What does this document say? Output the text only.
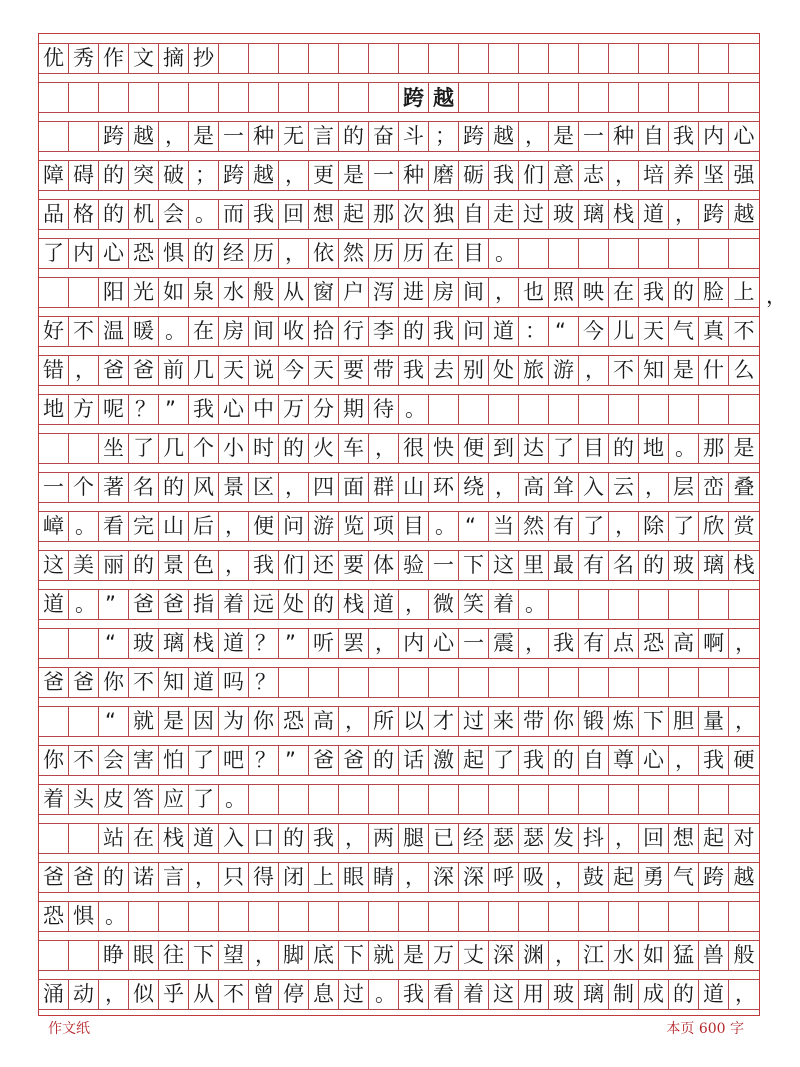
优 秀 作 文 摘 抄
跨 越
跨 越 ， 是 一 种 无 言 的 奋 斗 ； 跨 越 ， 是 一 种 自 我 内 心
障 碍 的 突 破 ； 跨 越 ， 更 是 一 种 磨 砺 我 们 意 志 ， 培 养 坚 强
品 格 的 机 会 。 而 我 回 想 起 那 次 独 自 走 过 玻 璃 栈 道 ， 跨 越
了 内 心 恐 惧 的 经 历 ， 依 然 历 历 在 目 。
阳 光 如 泉 水 般 从 窗 户 泻 进 房 间 ， 也 照 映 在 我 的 脸 上
好 不 温 暖 。 在 房 间 收 拾 行 李 的 我 问 道 ： “ 今 儿 天 气 真 不
错 ， 爸 爸 前 几 天 说 今 天 要 带 我 去 别 处 旅 游 ， 不 知 是 什 么
地 方 呢 ？ ” 我 心 中 万 分 期 待 。
坐 了 几 个 小 时 的 火 车 ， 很 快 便 到 达 了 目 的 地 。 那 是
一 个 著 名 的 风 景 区 ， 四 面 群 山 环 绕 ， 高 耸 入 云 ， 层 峦 叠
嶂 。 看 完 山 后 ， 便 问 游 览 项 目 。 “ 当 然 有 了 ， 除 了 欣 赏
这 美 丽 的 景 色 ， 我 们 还 要 体 验 一 下 这 里 最 有 名 的 玻 璃 栈
道 。 ” 爸 爸 指 着 远 处 的 栈 道 ， 微 笑 着 。
“ 玻 璃 栈 道 ？ ” 听 罢 ， 内 心 一 震 ， 我 有 点 恐 高 啊 ，
爸 爸 你 不 知 道 吗 ？
“ 就 是 因 为 你 恐 高 ， 所 以 才 过 来 带 你 锻 炼 下 胆 量 ，
你 不 会 害 怕 了 吧 ？ ” 爸 爸 的 话 激 起 了 我 的 自 尊 心 ， 我 硬
着 头 皮 答 应 了 。
站 在 栈 道 入 口 的 我 ， 两 腿 已 经 瑟 瑟 发 抖 ， 回 想 起 对
爸 爸 的 诺 言 ， 只 得 闭 上 眼 睛 ， 深 深 呼 吸 ， 鼓 起 勇 气 跨 越
恐 惧 。
睁 眼 往 下 望 ， 脚 底 下 就 是 万 丈 深 渊 ， 江 水 如 猛 兽 般
涌 动 ， 似 乎 从 不 曾 停 息 过 。 我 看 着 这 用 玻 璃 制 成 的 道 ，
作文纸	本页 600 字
，
